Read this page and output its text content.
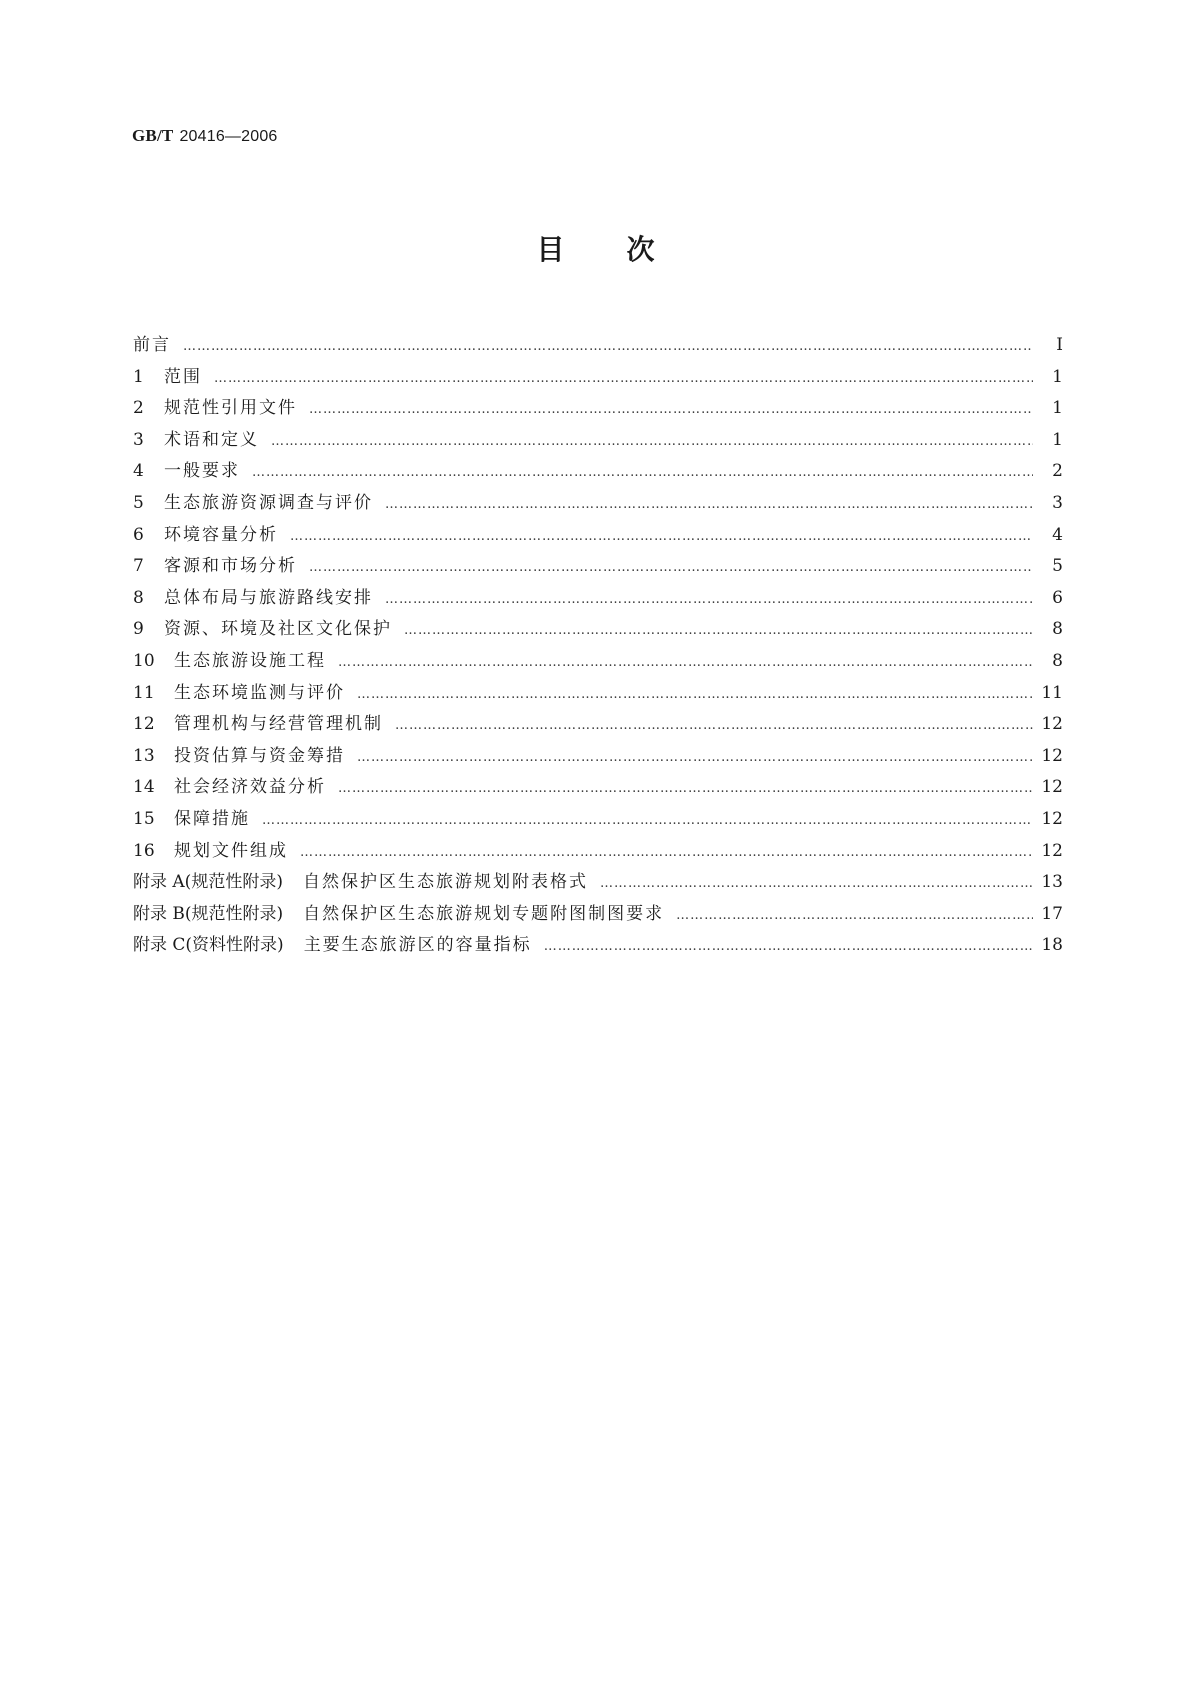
GB/T 20416—2006
目次
前言 ……………………………………………………………………………………………………………………………………………………………………………………………………………	I
1	范围 ……………………………………………………………………………………………………………………………………………………………………………………………………………	1
2	规范性引用文件 ……………………………………………………………………………………………………………………………………………………………………………………………………………	1
3	术语和定义 ……………………………………………………………………………………………………………………………………………………………………………………………………………	1
4	一般要求 ……………………………………………………………………………………………………………………………………………………………………………………………………………	2
5	生态旅游资源调查与评价 ……………………………………………………………………………………………………………………………………………………………………………………………………………	3
6	环境容量分析 ……………………………………………………………………………………………………………………………………………………………………………………………………………	4
7	客源和市场分析 ……………………………………………………………………………………………………………………………………………………………………………………………………………	5
8	总体布局与旅游路线安排 ……………………………………………………………………………………………………………………………………………………………………………………………………………	6
9	资源、环境及社区文化保护 ……………………………………………………………………………………………………………………………………………………………………………………………………………	8
10	生态旅游设施工程 ……………………………………………………………………………………………………………………………………………………………………………………………………………	8
11	生态环境监测与评价 ……………………………………………………………………………………………………………………………………………………………………………………………………………	11
12	管理机构与经营管理机制 ……………………………………………………………………………………………………………………………………………………………………………………………………………	12
13	投资估算与资金筹措 ……………………………………………………………………………………………………………………………………………………………………………………………………………	12
14	社会经济效益分析 ……………………………………………………………………………………………………………………………………………………………………………………………………………	12
15	保障措施 ……………………………………………………………………………………………………………………………………………………………………………………………………………	12
16	规划文件组成 ……………………………………………………………………………………………………………………………………………………………………………………………………………	12
附录 A(规范性附录) 自然保护区生态旅游规划附表格式 ……………………………………………………………………………………………………………………………………………………………………………………………………………	13
附录 B(规范性附录) 自然保护区生态旅游规划专题附图制图要求 ……………………………………………………………………………………………………………………………………………………………………………………………………………	17
附录 C(资料性附录) 主要生态旅游区的容量指标 ……………………………………………………………………………………………………………………………………………………………………………………………………………	18
